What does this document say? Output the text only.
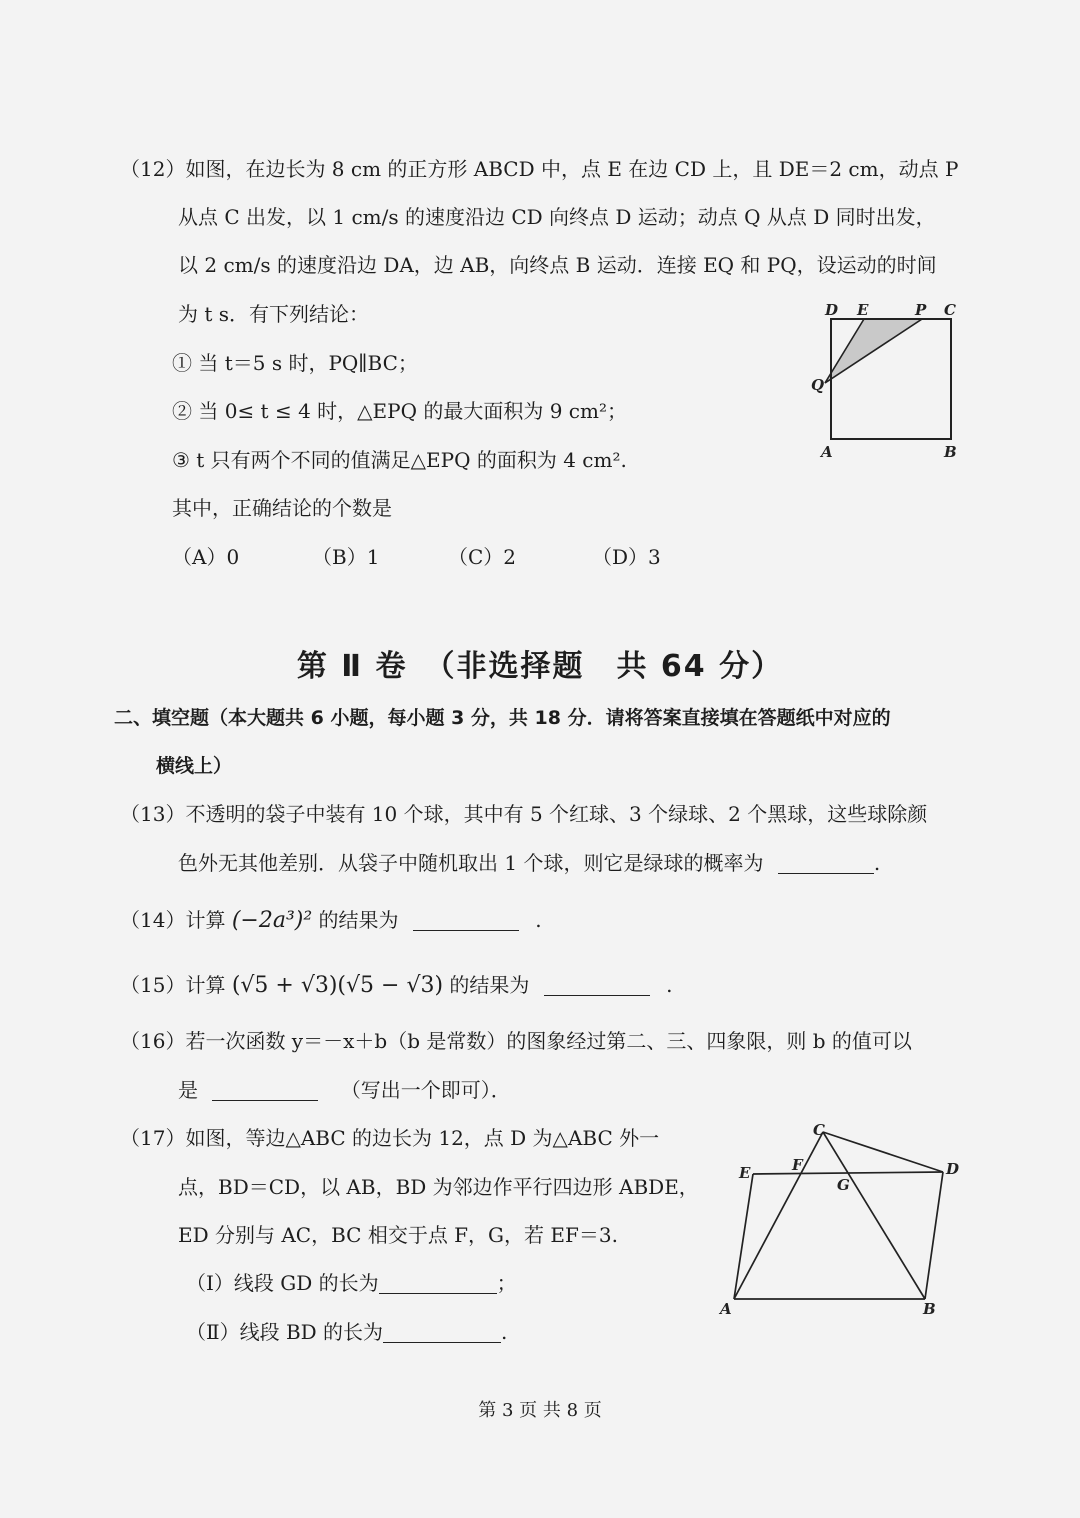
（12）如图，在边长为 8 cm 的正方形 ABCD 中，点 E 在边 CD 上，且 DE＝2 cm，动点 P
从点 C 出发，以 1 cm/s 的速度沿边 CD 向终点 D 运动；动点 Q 从点 D 同时出发，
以 2 cm/s 的速度沿边 DA，边 AB，向终点 B 运动．连接 EQ 和 PQ，设运动的时间
为 t s．有下列结论：
① 当 t＝5 s 时，PQ∥BC；
② 当 0≤ t ≤ 4 时，△EPQ 的最大面积为 9 cm²；
③ t 只有两个不同的值满足△EPQ 的面积为 4 cm².
其中，正确结论的个数是
（A）0	（B）1	（C）2	（D）3
D E	P C
Q
A	B
第 Ⅱ 卷　（非选择题　共 64 分）
二、填空题（本大题共 6 小题，每小题 3 分，共 18 分．请将答案直接填在答题纸中对应的
横线上）
（13）不透明的袋子中装有 10 个球，其中有 5 个红球、3 个绿球、2 个黑球，这些球除颜
色外无其他差别．从袋子中随机取出 1 个球，则它是绿球的概率为	.
（14）计算 (−2a³)² 的结果为	.
（15）计算 (√5 + √3)(√5 − √3) 的结果为	.
（16）若一次函数 y＝－x＋b（b 是常数）的图象经过第二、三、四象限，则 b 的值可以
是	（写出一个即可）．
（17）如图，等边△ABC 的边长为 12，点 D 为△ABC 外一
点，BD＝CD，以 AB，BD 为邻边作平行四边形 ABDE，
ED 分别与 AC，BC 相交于点 F，G，若 EF＝3.
（Ⅰ）线段 GD 的长为	；
（Ⅱ）线段 BD 的长为	.
C
E	F	D
G
A	B
第 3 页 共 8 页
